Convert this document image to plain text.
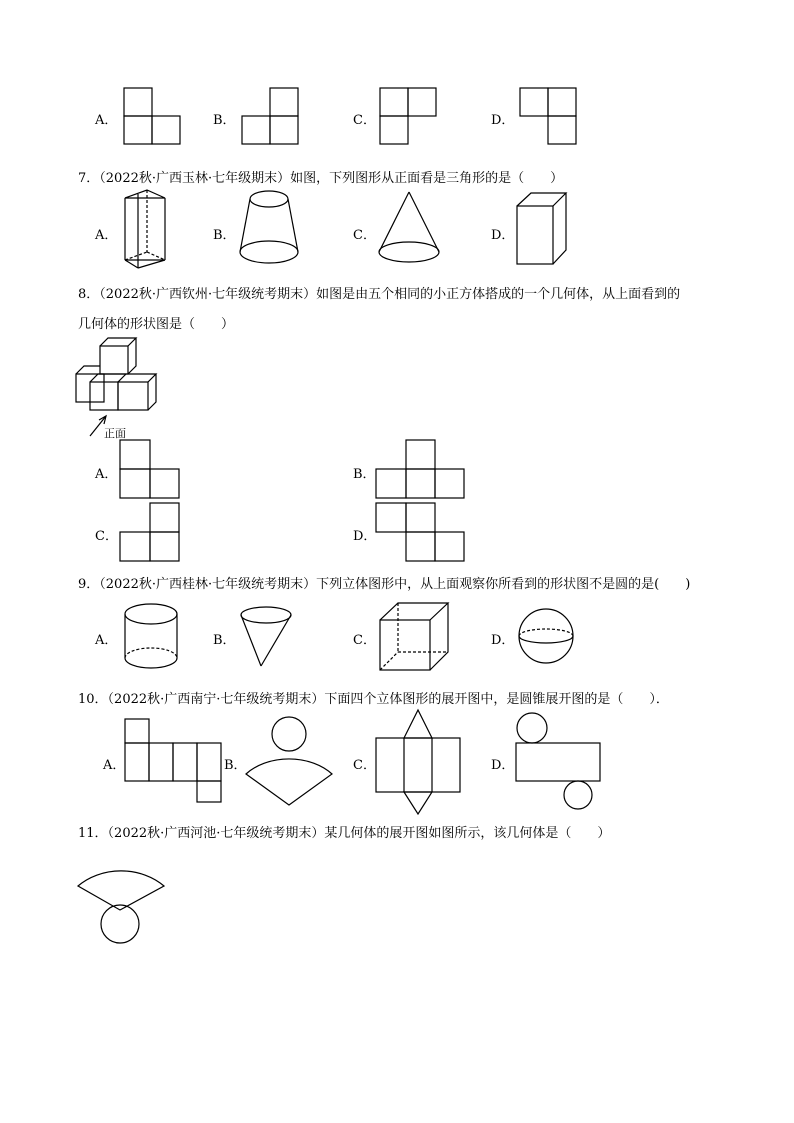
A．	B．	C．	D．
7．（2022秋·广西玉林·七年级期末）如图，下列图形从正面看是三角形的是（　　）
A．	B．	C．	D．
8．（2022秋·广西钦州·七年级统考期末）如图是由五个相同的小正方体搭成的一个几何体，从上面看到的
几何体的形状图是（　　）
正面
A．	B．
C．	D．
9．（2022秋·广西桂林·七年级统考期末）下列立体图形中，从上面观察你所看到的形状图不是圆的是(　　)
A．	B．	C．	D．
10．（2022秋·广西南宁·七年级统考期末）下面四个立体图形的展开图中，是圆锥展开图的是（　　）．
A．	B．	C．	D．
11．（2022秋·广西河池·七年级统考期末）某几何体的展开图如图所示，该几何体是（　　）
